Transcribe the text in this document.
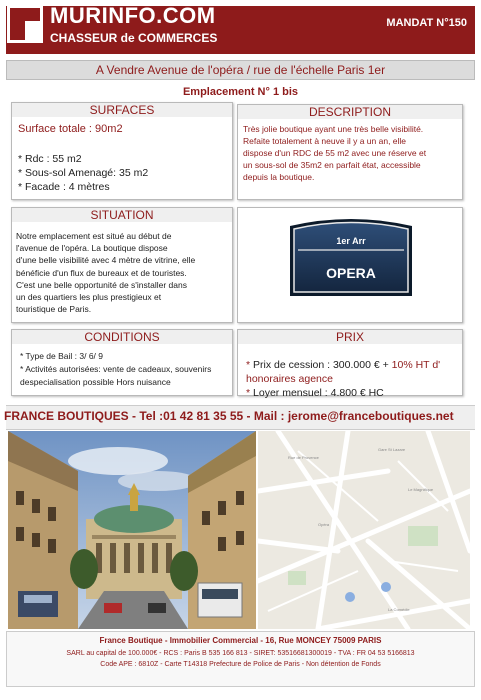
MURINFO.COM
CHASSEUR de COMMERCES
MANDAT N°150
A Vendre Avenue de l'opéra / rue de l'échelle Paris 1er
Emplacement N° 1 bis
SURFACES
Surface totale : 90m2
* Rdc : 55 m2
* Sous-sol Amenagé: 35 m2
* Facade : 4 mètres
DESCRIPTION
Très jolie boutique ayant une très belle visibilité.
Refaite totalement à neuve il y a un an, elle
dispose d'un RDC de 55 m2 avec une réserve et
un sous-sol de 35m2 en parfait état, accessible
depuis la boutique.
SITUATION
Notre emplacement est situé au début de
l'avenue de l'opéra. La boutique dispose
d'une belle visibilité avec 4 mètre de vitrine, elle
bénéficie d'un flux de bureaux et de touristes.
C'est une belle opportunité de s'installer dans
un des quartiers les plus prestigieux et
touristique de Paris.
1er Arr
OPERA
CONDITIONS
* Type de Bail : 3/ 6/ 9
* Activités autorisées: vente de cadeaux, souvenirs
despecialisation possible Hors nuisance
PRIX
* Prix de cession : 300.000 € + 10% HT d'
honoraires agence
* Loyer mensuel : 4.800 € HC
FRANCE BOUTIQUES - Tel :01 42 81 35 55 - Mail : jerome@franceboutiques.net
Rue de Provence
Gare St Lazare
Le Magnifique
Opéra
La Comédie
France Boutique - Immobilier Commercial - 16, Rue MONCEY 75009 PARIS
SARL au capital de 100.000€ - RCS : Paris B 535 166 813 - SIRET: 53516681300019 - TVA : FR 04 53 5166813
Code APE : 6810Z - Carte T14318 Prefecture de Police de Paris - Non détention de Fonds
